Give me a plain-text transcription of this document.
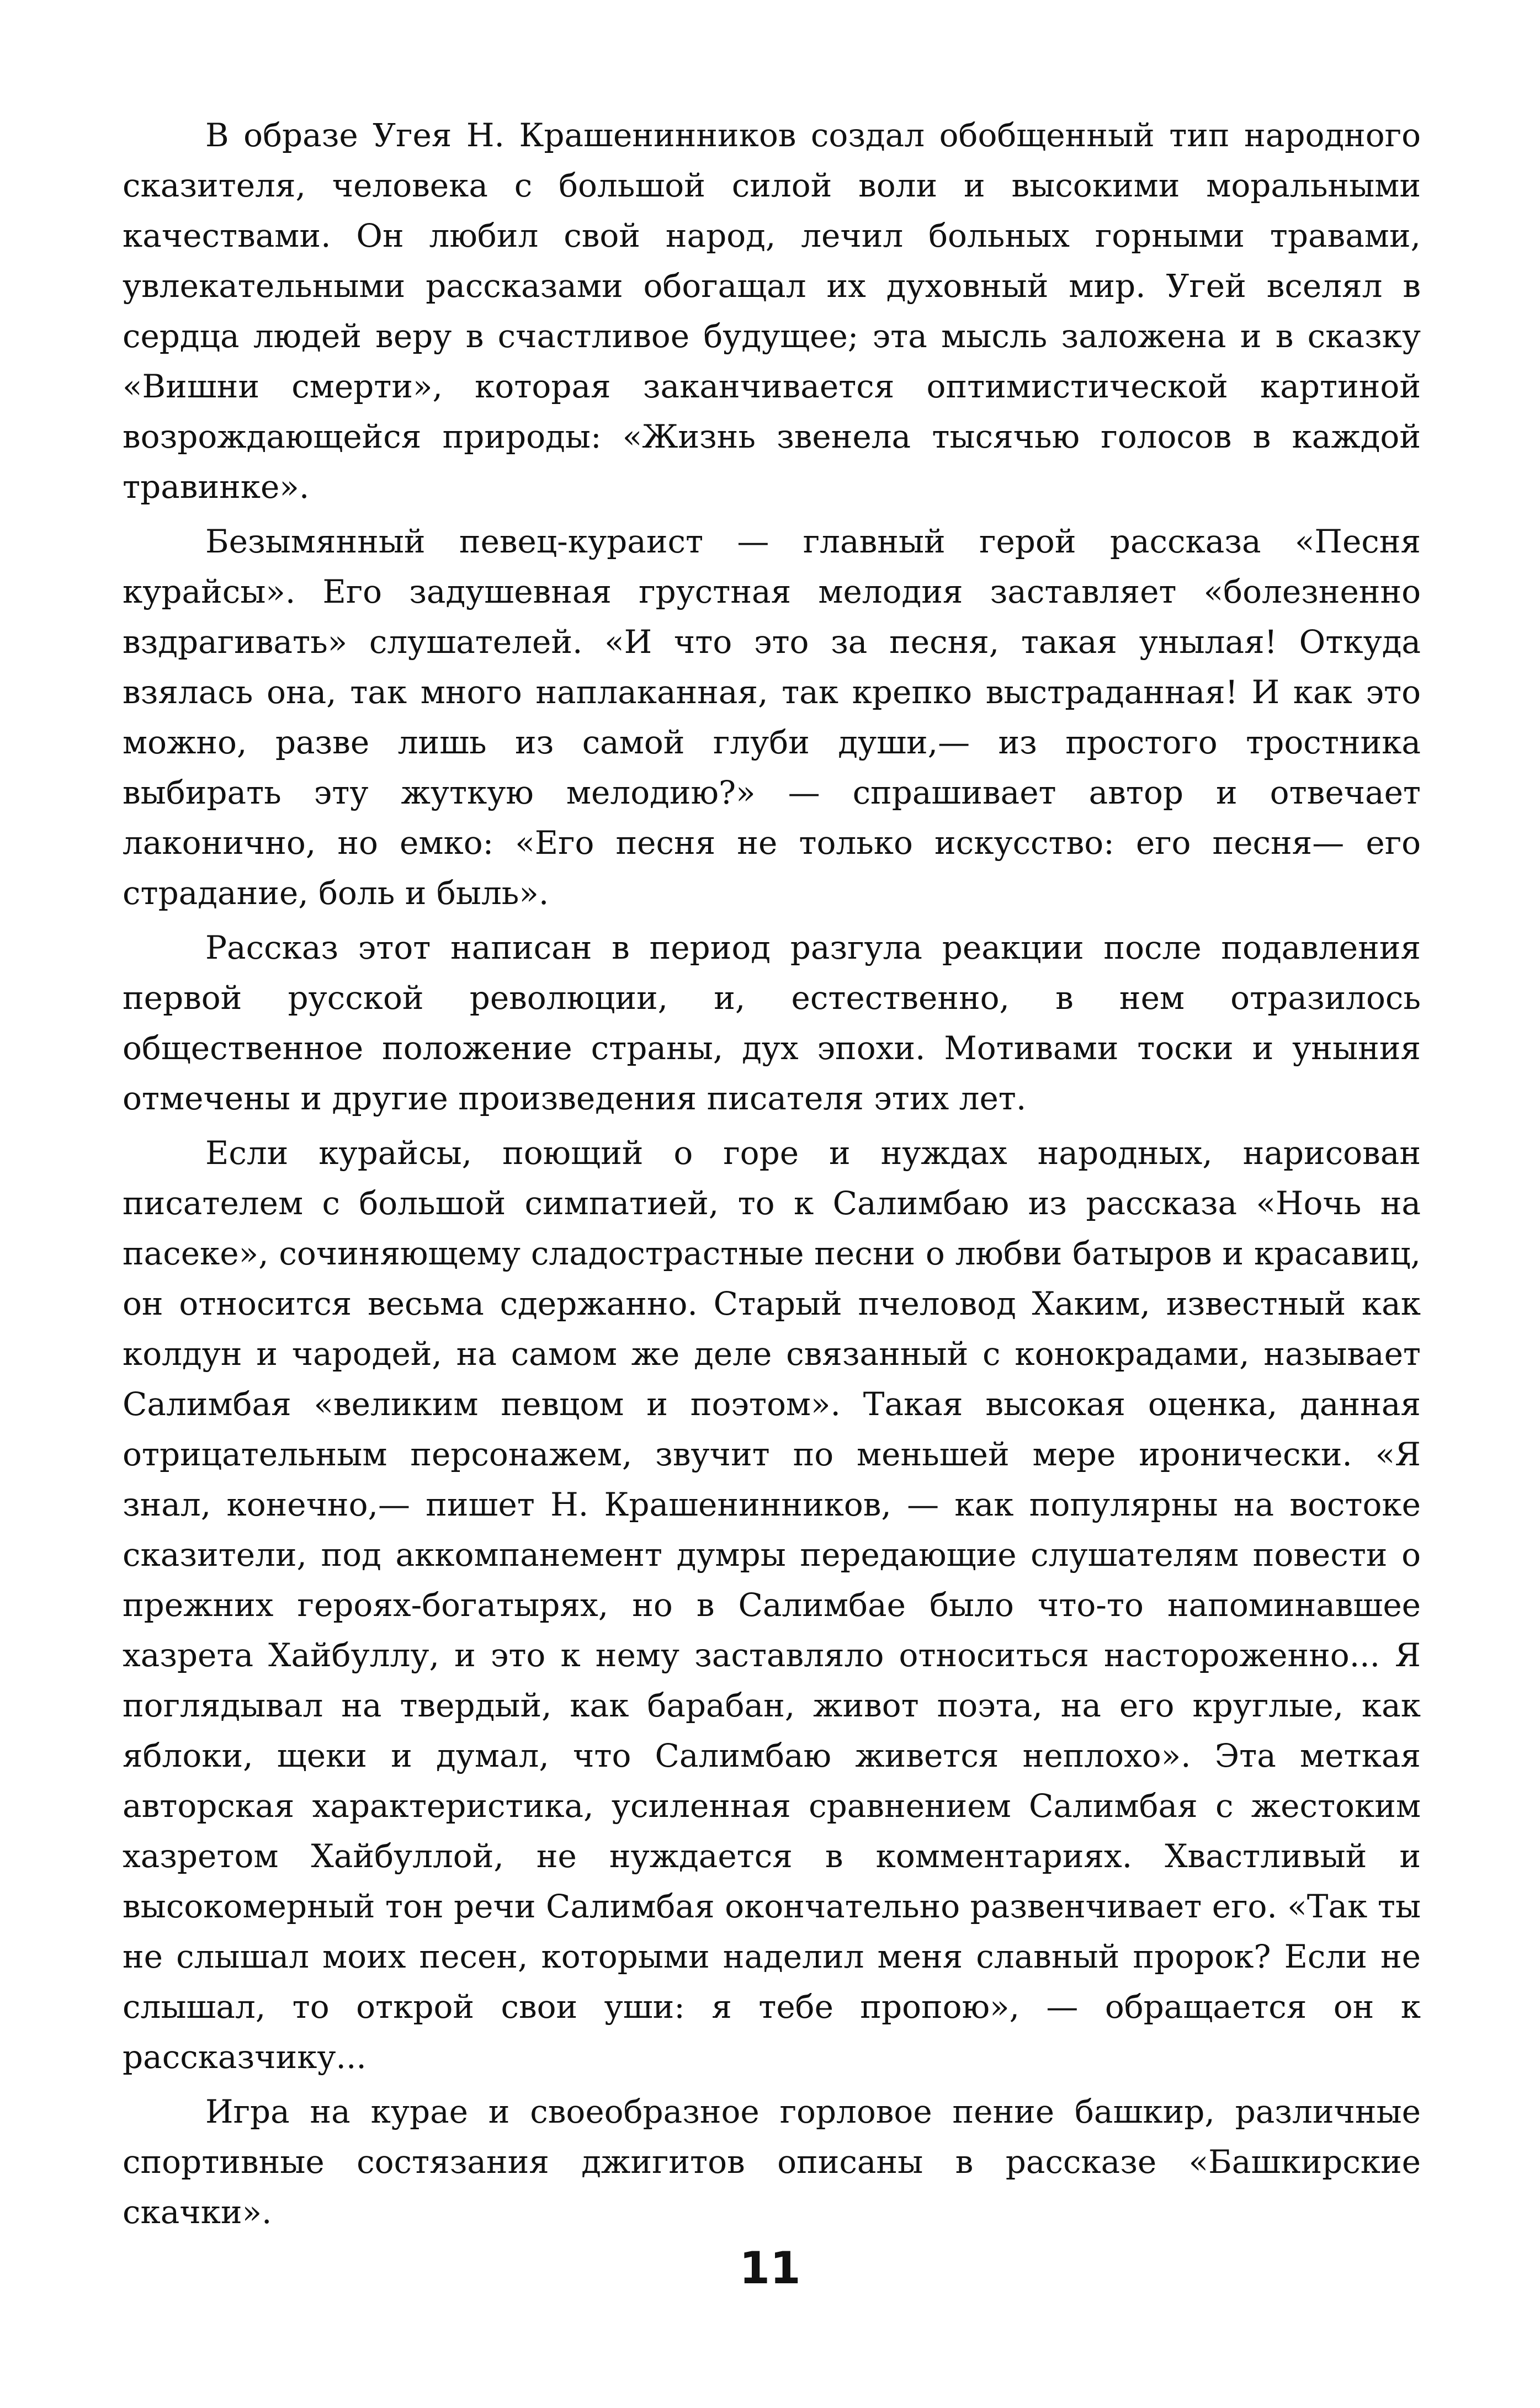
В образе Угея Н. Крашенинников создал обобщенный тип народного сказителя, человека с большой силой воли и высокими моральными качествами. Он любил свой народ, лечил больных горными травами, увлекательными рассказами обогащал их духовный мир. Угей вселял в сердца людей веру в счастливое будущее; эта мысль заложена и в сказку «Вишни смерти», которая заканчивается оптимистической картиной возрождающейся природы: «Жизнь звенела тысячью голосов в каждой травинке».

Безымянный певец-кураист — главный герой рассказа «Песня курайсы». Его задушевная грустная мелодия заставляет «болезненно вздрагивать» слушателей. «И что это за песня, такая унылая! Откуда взялась она, так много наплаканная, так крепко выстраданная! И как это можно, разве лишь из самой глуби души,— из простого тростника выбирать эту жуткую мелодию?» — спрашивает автор и отвечает лаконично, но емко: «Его песня не только искусство: его песня— его страдание, боль и быль».

Рассказ этот написан в период разгула реакции после подавления первой русской революции, и, естественно, в нем отразилось общественное положение страны, дух эпохи. Мотивами тоски и уныния отмечены и другие произведения писателя этих лет.

Если курайсы, поющий о горе и нуждах народных, нарисован писателем с большой симпатией, то к Салимбаю из рассказа «Ночь на пасеке», сочиняющему сладострастные песни о любви батыров и красавиц, он относится весьма сдержанно. Старый пчеловод Хаким, известный как колдун и чародей, на самом же деле связанный с конокрадами, называет Салимбая «великим певцом и поэтом». Такая высокая оценка, данная отрицательным персонажем, звучит по меньшей мере иронически. «Я знал, конечно,— пишет Н. Крашенинников, — как популярны на востоке сказители, под аккомпанемент думры передающие слушателям повести о прежних героях-богатырях, но в Салимбае было что-то напоминавшее хазрета Хайбуллу, и это к нему заставляло относиться настороженно... Я поглядывал на твердый, как барабан, живот поэта, на его круглые, как яблоки, щеки и думал, что Салимбаю живется неплохо». Эта меткая авторская характеристика, усиленная сравнением Салимбая с жестоким хазретом Хайбуллой, не нуждается в комментариях. Хвастливый и высокомерный тон речи Салимбая окончательно развенчивает его. «Так ты не слышал моих песен, которыми наделил меня славный пророк? Если не слышал, то открой свои уши: я тебе пропою», — обращается он к рассказчику...

Игра на курае и своеобразное горловое пение башкир, различные спортивные состязания джигитов описаны в рассказе «Башкирские скачки».

11
